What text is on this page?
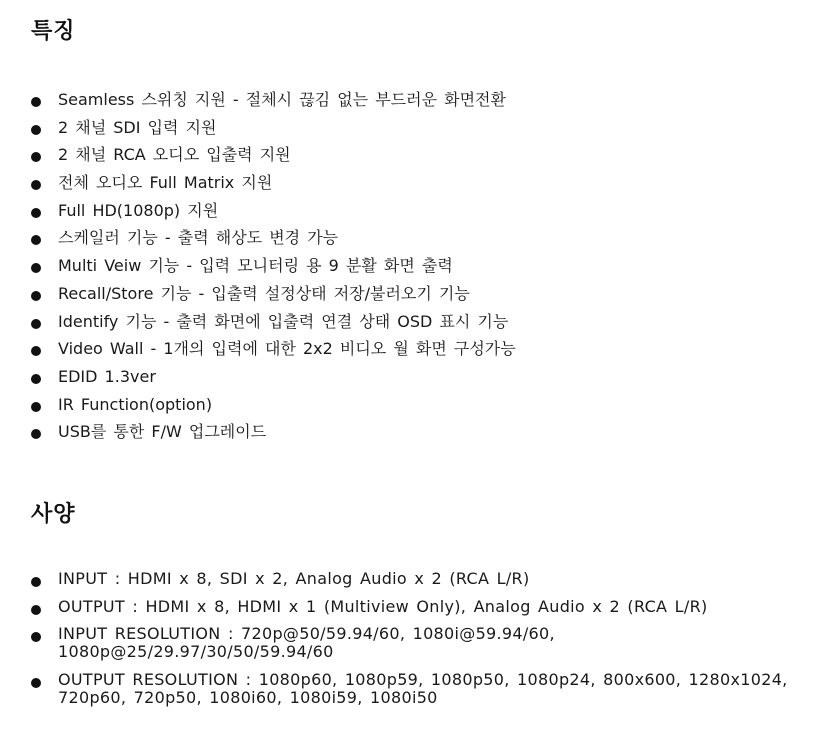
특징
Seamless 스위칭 지원 - 절체시 끊김 없는 부드러운 화면전환
2 채널 SDI 입력 지원
2 채널 RCA 오디오 입출력 지원
전체 오디오 Full Matrix 지원
Full HD(1080p) 지원
스케일러 기능 - 출력 해상도 변경 가능
Multi Veiw 기능 - 입력 모니터링 용 9 분활 화면 출력
Recall/Store 기능 - 입출력 설정상태 저장/불러오기 기능
Identify 기능 - 출력 화면에 입출력 연결 상태 OSD 표시 기능
Video Wall - 1개의 입력에 대한 2x2 비디오 월 화면 구성가능
EDID 1.3ver
IR Function(option)
USB를 통한 F/W 업그레이드
사양
INPUT : HDMI x 8, SDI x 2, Analog Audio x 2 (RCA L/R)
OUTPUT : HDMI x 8, HDMI x 1 (Multiview Only), Analog Audio x 2 (RCA L/R)
INPUT RESOLUTION : 720p@50/59.94/60, 1080i@59.94/60, 1080p@25/29.97/30/50/59.94/60
OUTPUT RESOLUTION : 1080p60, 1080p59, 1080p50, 1080p24, 800x600, 1280x1024, 720p60, 720p50, 1080i60, 1080i59, 1080i50
